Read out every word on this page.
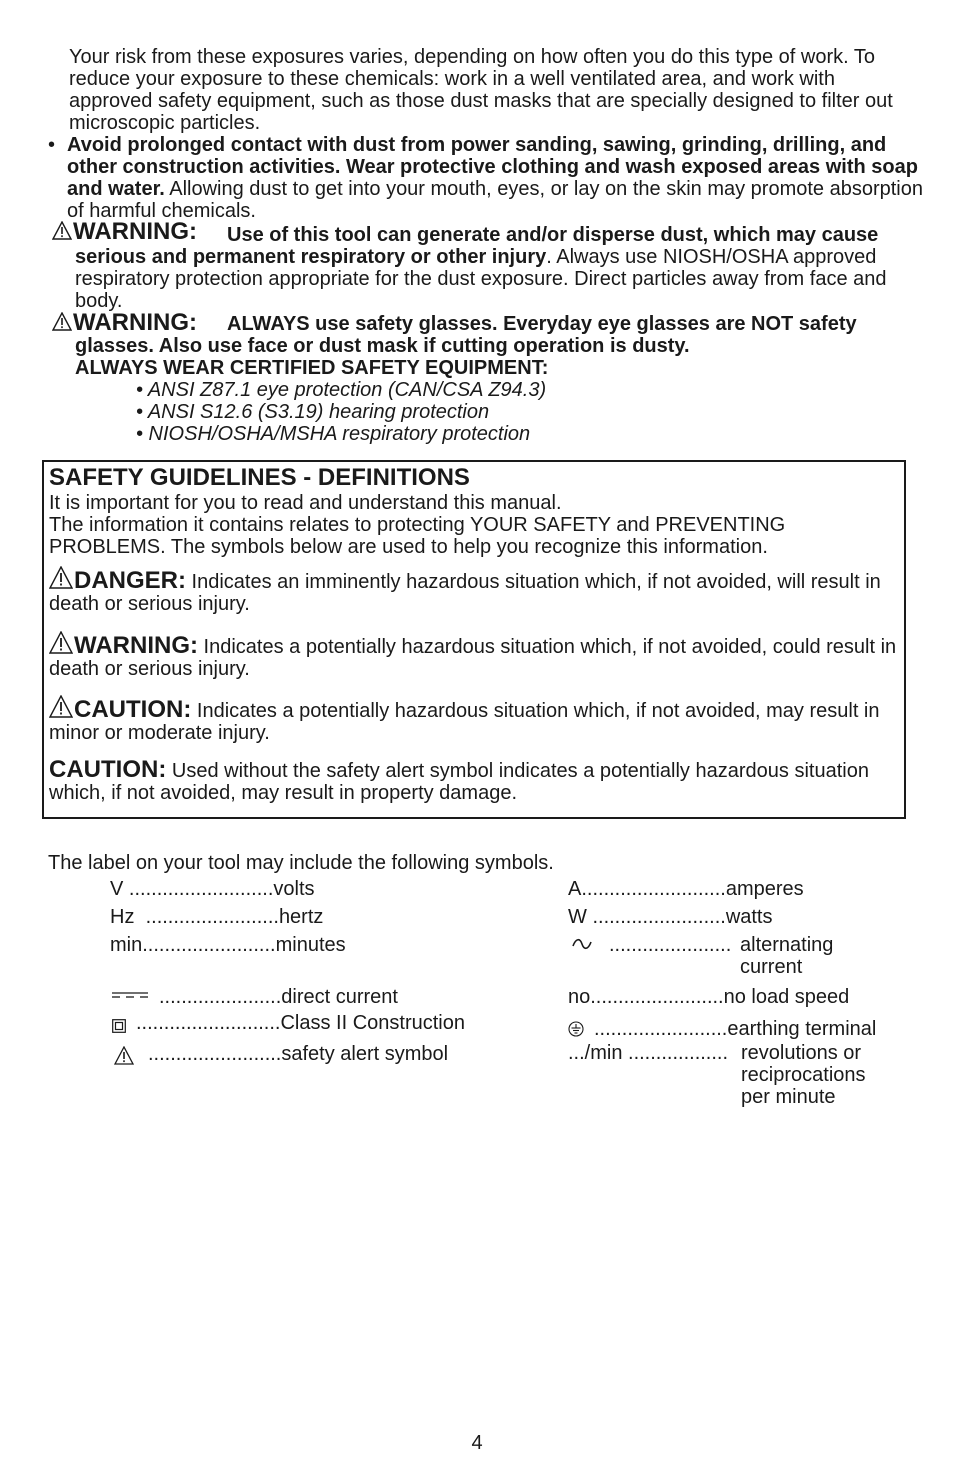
Your risk from these exposures varies, depending on how often you do this type of work. To reduce your exposure to these chemicals: work in a well ventilated area, and work with approved safety equipment, such as those dust masks that are specially designed to filter out microscopic particles.
• Avoid prolonged contact with dust from power sanding, sawing, grinding, drilling, and other construction activities. Wear protective clothing and wash exposed areas with soap and water. Allowing dust to get into your mouth, eyes, or lay on the skin may promote absorption of harmful chemicals.
WARNING:	Use of this tool can generate and/or disperse dust, which may cause serious and permanent respiratory or other injury. Always use NIOSH/OSHA approved respiratory protection appropriate for the dust exposure. Direct particles away from face and body.
WARNING:	ALWAYS use safety glasses. Everyday eye glasses are NOT safety glasses. Also use face or dust mask if cutting operation is dusty.
ALWAYS WEAR CERTIFIED SAFETY EQUIPMENT:
• ANSI Z87.1 eye protection (CAN/CSA Z94.3)
• ANSI S12.6 (S3.19) hearing protection
• NIOSH/OSHA/MSHA respiratory protection
SAFETY GUIDELINES - DEFINITIONS
It is important for you to read and understand this manual.
The information it contains relates to protecting YOUR SAFETY and PREVENTING PROBLEMS. The symbols below are used to help you recognize this information.
DANGER: Indicates an imminently hazardous situation which, if not avoided, will result in death or serious injury.
WARNING: Indicates a potentially hazardous situation which, if not avoided, could result in death or serious injury.
CAUTION: Indicates a potentially hazardous situation which, if not avoided, may result in minor or moderate injury.
CAUTION: Used without the safety alert symbol indicates a potentially hazardous situation which, if not avoided, may result in property damage.
The label on your tool may include the following symbols.
V ..........................volts
Hz ........................hertz
min........................minutes
......................direct current
..........................Class II Construction
........................safety alert symbol
A..........................amperes
W ........................watts
...................... alternating current
no........................no load speed
........................earthing terminal
.../min .................. revolutions or reciprocations per minute
4
